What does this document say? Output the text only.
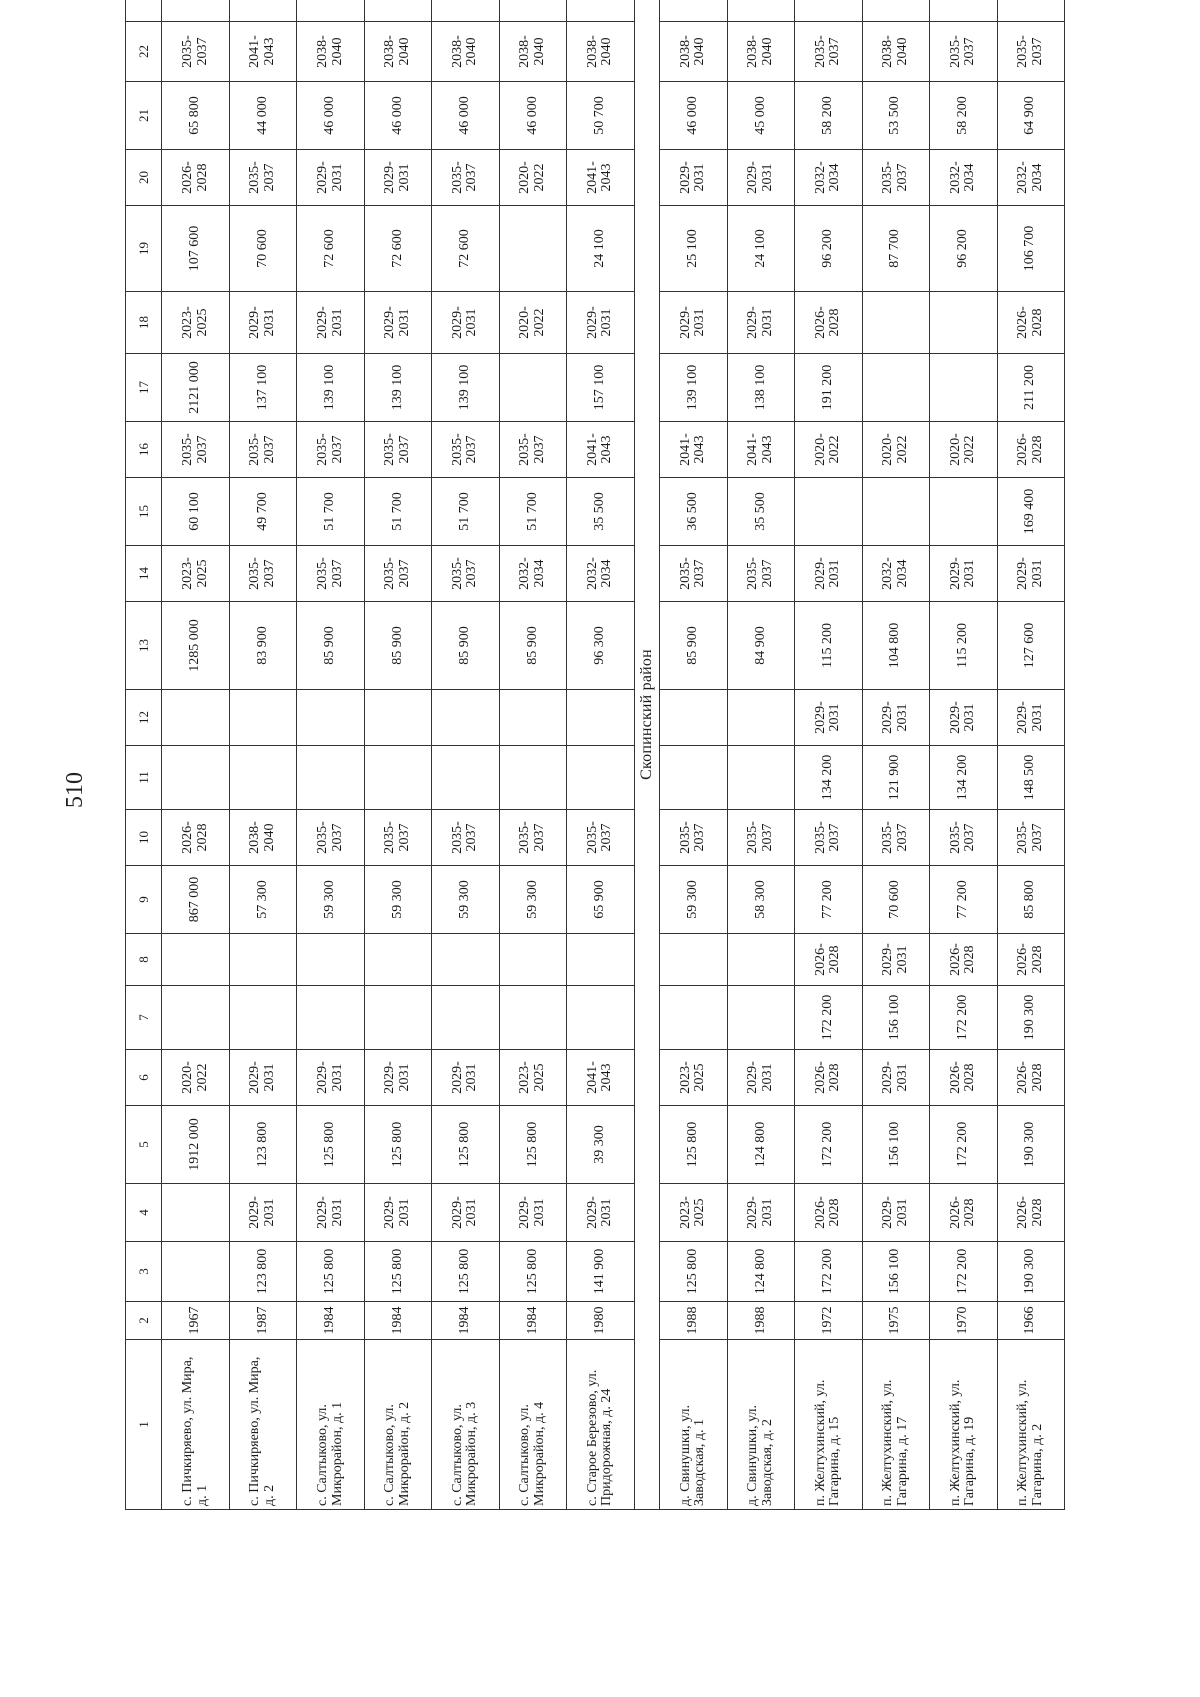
510
1	2	3	4	5	6	7	8	9	10	11	12	13	14	15	16	17	18	19	20	21	22		
с. Пичкиряево, ул. Мира, д. 1	1967			1912 000	2020-2022			867 000	2026-2028			1285 000	2023-2025	60 100	2035-2037	2121 000	2023-2025	107 600	2026-2028	65 800	2035-2037		
с. Пичкиряево, ул. Мира, д. 2	1987	123 800	2029-2031	123 800	2029-2031			57 300	2038-2040			83 900	2035-2037	49 700	2035-2037	137 100	2029-2031	70 600	2035-2037	44 000	2041-2043		
с. Салтыково, ул. Микрорайон, д. 1	1984	125 800	2029-2031	125 800	2029-2031			59 300	2035-2037			85 900	2035-2037	51 700	2035-2037	139 100	2029-2031	72 600	2029-2031	46 000	2038-2040		
с. Салтыково, ул. Микрорайон, д. 2	1984	125 800	2029-2031	125 800	2029-2031			59 300	2035-2037			85 900	2035-2037	51 700	2035-2037	139 100	2029-2031	72 600	2029-2031	46 000	2038-2040		
с. Салтыково, ул. Микрорайон, д. 3	1984	125 800	2029-2031	125 800	2029-2031			59 300	2035-2037			85 900	2035-2037	51 700	2035-2037	139 100	2029-2031	72 600	2035-2037	46 000	2038-2040		
с. Салтыково, ул. Микрорайон, д. 4	1984	125 800	2029-2031	125 800	2023-2025			59 300	2035-2037			85 900	2032-2034	51 700	2035-2037		2020-2022		2020-2022	46 000	2038-2040		
с. Старое Березово, ул. Придорожная, д. 24	1980	141 900	2029-2031	39 300	2041-2043			65 900	2035-2037			96 300	2032-2034	35 500	2041-2043	157 100	2029-2031	24 100	2041-2043	50 700	2038-2040		
Скопинский район																							
д. Свинушки, ул. Заводская, д. 1	1988	125 800	2023-2025	125 800	2023-2025			59 300	2035-2037			85 900	2035-2037	36 500	2041-2043	139 100	2029-2031	25 100	2029-2031	46 000	2038-2040		
д. Свинушки, ул. Заводская, д. 2	1988	124 800	2029-2031	124 800	2029-2031			58 300	2035-2037			84 900	2035-2037	35 500	2041-2043	138 100	2029-2031	24 100	2029-2031	45 000	2038-2040		
п. Желтухинский, ул. Гагарина, д. 15	1972	172 200	2026-2028	172 200	2026-2028	172 200	2026-2028	77 200	2035-2037	134 200	2029-2031	115 200	2029-2031		2020-2022	191 200	2026-2028	96 200	2032-2034	58 200	2035-2037		
п. Желтухинский, ул. Гагарина, д. 17	1975	156 100	2029-2031	156 100	2029-2031	156 100	2029-2031	70 600	2035-2037	121 900	2029-2031	104 800	2032-2034		2020-2022			87 700	2035-2037	53 500	2038-2040		
п. Желтухинский, ул. Гагарина, д. 19	1970	172 200	2026-2028	172 200	2026-2028	172 200	2026-2028	77 200	2035-2037	134 200	2029-2031	115 200	2029-2031		2020-2022			96 200	2032-2034	58 200	2035-2037		
п. Желтухинский, ул. Гагарина, д. 2	1966	190 300	2026-2028	190 300	2026-2028	190 300	2026-2028	85 800	2035-2037	148 500	2029-2031	127 600	2029-2031	169 400	2026-2028	211 200	2026-2028	106 700	2032-2034	64 900	2035-2037		
